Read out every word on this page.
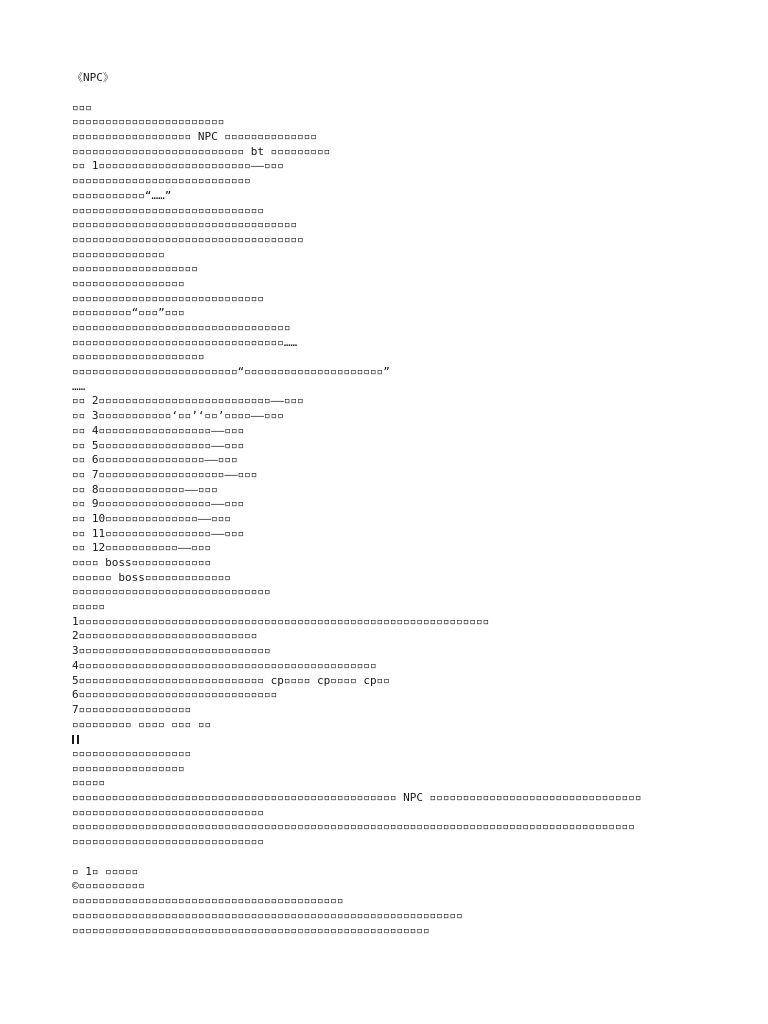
《NPC》
▫▫▫
▫▫▫▫▫▫▫▫▫▫▫▫▫▫▫▫▫▫▫▫▫▫▫
▫▫▫▫▫▫▫▫▫▫▫▫▫▫▫▫▫▫ NPC ▫▫▫▫▫▫▫▫▫▫▫▫▫▫
▫▫▫▫▫▫▫▫▫▫▫▫▫▫▫▫▫▫▫▫▫▫▫▫▫▫ bt ▫▫▫▫▫▫▫▫▫
▫▫ 1▫▫▫▫▫▫▫▫▫▫▫▫▫▫▫▫▫▫▫▫▫▫▫——▫▫▫
▫▫▫▫▫▫▫▫▫▫▫▫▫▫▫▫▫▫▫▫▫▫▫▫▫▫▫
▫▫▫▫▫▫▫▫▫▫▫“……”
▫▫▫▫▫▫▫▫▫▫▫▫▫▫▫▫▫▫▫▫▫▫▫▫▫▫▫▫▫
▫▫▫▫▫▫▫▫▫▫▫▫▫▫▫▫▫▫▫▫▫▫▫▫▫▫▫▫▫▫▫▫▫▫
▫▫▫▫▫▫▫▫▫▫▫▫▫▫▫▫▫▫▫▫▫▫▫▫▫▫▫▫▫▫▫▫▫▫▫
▫▫▫▫▫▫▫▫▫▫▫▫▫▫
▫▫▫▫▫▫▫▫▫▫▫▫▫▫▫▫▫▫▫
▫▫▫▫▫▫▫▫▫▫▫▫▫▫▫▫▫
▫▫▫▫▫▫▫▫▫▫▫▫▫▫▫▫▫▫▫▫▫▫▫▫▫▫▫▫▫
▫▫▫▫▫▫▫▫▫“▫▫▫”▫▫▫
▫▫▫▫▫▫▫▫▫▫▫▫▫▫▫▫▫▫▫▫▫▫▫▫▫▫▫▫▫▫▫▫▫
▫▫▫▫▫▫▫▫▫▫▫▫▫▫▫▫▫▫▫▫▫▫▫▫▫▫▫▫▫▫▫▫……
▫▫▫▫▫▫▫▫▫▫▫▫▫▫▫▫▫▫▫▫
▫▫▫▫▫▫▫▫▫▫▫▫▫▫▫▫▫▫▫▫▫▫▫▫▫“▫▫▫▫▫▫▫▫▫▫▫▫▫▫▫▫▫▫▫▫▫”
……
▫▫ 2▫▫▫▫▫▫▫▫▫▫▫▫▫▫▫▫▫▫▫▫▫▫▫▫▫▫——▫▫▫
▫▫ 3▫▫▫▫▫▫▫▫▫▫▫‘▫▫’‘▫▫’▫▫▫▫——▫▫▫
▫▫ 4▫▫▫▫▫▫▫▫▫▫▫▫▫▫▫▫▫——▫▫▫
▫▫ 5▫▫▫▫▫▫▫▫▫▫▫▫▫▫▫▫▫——▫▫▫
▫▫ 6▫▫▫▫▫▫▫▫▫▫▫▫▫▫▫▫——▫▫▫
▫▫ 7▫▫▫▫▫▫▫▫▫▫▫▫▫▫▫▫▫▫▫——▫▫▫
▫▫ 8▫▫▫▫▫▫▫▫▫▫▫▫▫——▫▫▫
▫▫ 9▫▫▫▫▫▫▫▫▫▫▫▫▫▫▫▫▫——▫▫▫
▫▫ 10▫▫▫▫▫▫▫▫▫▫▫▫▫▫——▫▫▫
▫▫ 11▫▫▫▫▫▫▫▫▫▫▫▫▫▫▫▫——▫▫▫
▫▫ 12▫▫▫▫▫▫▫▫▫▫▫——▫▫▫
▫▫▫▫ boss▫▫▫▫▫▫▫▫▫▫▫▫
▫▫▫▫▫▫ boss▫▫▫▫▫▫▫▫▫▫▫▫▫
▫▫▫▫▫▫▫▫▫▫▫▫▫▫▫▫▫▫▫▫▫▫▫▫▫▫▫▫▫▫
▫▫▫▫▫
1▫▫▫▫▫▫▫▫▫▫▫▫▫▫▫▫▫▫▫▫▫▫▫▫▫▫▫▫▫▫▫▫▫▫▫▫▫▫▫▫▫▫▫▫▫▫▫▫▫▫▫▫▫▫▫▫▫▫▫▫▫▫
2▫▫▫▫▫▫▫▫▫▫▫▫▫▫▫▫▫▫▫▫▫▫▫▫▫▫▫
3▫▫▫▫▫▫▫▫▫▫▫▫▫▫▫▫▫▫▫▫▫▫▫▫▫▫▫▫▫
4▫▫▫▫▫▫▫▫▫▫▫▫▫▫▫▫▫▫▫▫▫▫▫▫▫▫▫▫▫▫▫▫▫▫▫▫▫▫▫▫▫▫▫▫▫
5▫▫▫▫▫▫▫▫▫▫▫▫▫▫▫▫▫▫▫▫▫▫▫▫▫▫▫▫ cp▫▫▫▫ cp▫▫▫▫ cp▫▫
6▫▫▫▫▫▫▫▫▫▫▫▫▫▫▫▫▫▫▫▫▫▫▫▫▫▫▫▫▫▫
7▫▫▫▫▫▫▫▫▫▫▫▫▫▫▫▫▫
▫▫▫▫▫▫▫▫▫ ▫▫▫▫ ▫▫▫ ▫▫
▫▫▫▫▫▫▫▫▫▫▫▫▫▫▫▫▫▫
▫▫▫▫▫▫▫▫▫▫▫▫▫▫▫▫▫
▫▫▫▫▫
▫▫▫▫▫▫▫▫▫▫▫▫▫▫▫▫▫▫▫▫▫▫▫▫▫▫▫▫▫▫▫▫▫▫▫▫▫▫▫▫▫▫▫▫▫▫▫▫▫ NPC ▫▫▫▫▫▫▫▫▫▫▫▫▫▫▫▫▫▫▫▫▫▫▫▫▫▫▫▫▫▫▫▫
▫▫▫▫▫▫▫▫▫▫▫▫▫▫▫▫▫▫▫▫▫▫▫▫▫▫▫▫▫
▫▫▫▫▫▫▫▫▫▫▫▫▫▫▫▫▫▫▫▫▫▫▫▫▫▫▫▫▫▫▫▫▫▫▫▫▫▫▫▫▫▫▫▫▫▫▫▫▫▫▫▫▫▫▫▫▫▫▫▫▫▫▫▫▫▫▫▫▫▫▫▫▫▫▫▫▫▫▫▫▫▫▫▫▫
▫▫▫▫▫▫▫▫▫▫▫▫▫▫▫▫▫▫▫▫▫▫▫▫▫▫▫▫▫
▫ 1▫ ▫▫▫▫▫
©▫▫▫▫▫▫▫▫▫▫
▫▫▫▫▫▫▫▫▫▫▫▫▫▫▫▫▫▫▫▫▫▫▫▫▫▫▫▫▫▫▫▫▫▫▫▫▫▫▫▫▫
▫▫▫▫▫▫▫▫▫▫▫▫▫▫▫▫▫▫▫▫▫▫▫▫▫▫▫▫▫▫▫▫▫▫▫▫▫▫▫▫▫▫▫▫▫▫▫▫▫▫▫▫▫▫▫▫▫▫▫
▫▫▫▫▫▫▫▫▫▫▫▫▫▫▫▫▫▫▫▫▫▫▫▫▫▫▫▫▫▫▫▫▫▫▫▫▫▫▫▫▫▫▫▫▫▫▫▫▫▫▫▫▫▫
